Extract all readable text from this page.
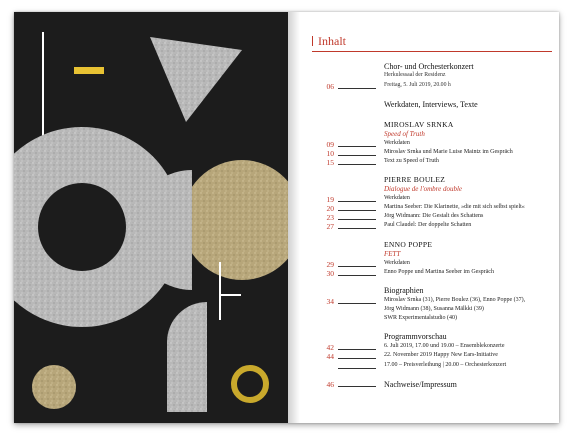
Inhalt
Chor- und Orchesterkonzert
Herkulessaal der Residenz
06	Freitag, 5. Juli 2019, 20.00 h
Werkdaten, Interviews, Texte
MIROSLAV SRNKA
Speed of Truth
09	Werkdaten
10	Miroslav Srnka und Marie Luise Maintz im Gespräch
15	Text zu Speed of Truth
PIERRE BOULEZ
Dialogue de l'ombre double
19	Werkdaten
20	Martina Seeber: Die Klarinette, »die mit sich selbst spielt«
23	Jörg Widmann: Die Gestalt des Schattens
27	Paul Claudel: Der doppelte Schatten
ENNO POPPE
FETT
29	Werkdaten
30	Enno Poppe und Martina Seeber im Gespräch
Biographien
34	Miroslav Srnka (31), Pierre Boulez (36), Enno Poppe (37),
Jörg Widmann (38), Susanna Mälkki (39)
SWR Experimentalstudio (40)
Programmvorschau
42	6. Juli 2019, 17.00 und 19.00 – Ensemblekonzerte
44	22. November 2019 Happy New Ears-Initiative
17.00 – Preisverleihung | 20.00 – Orchesterkonzert
46	Nachweise/Impressum
